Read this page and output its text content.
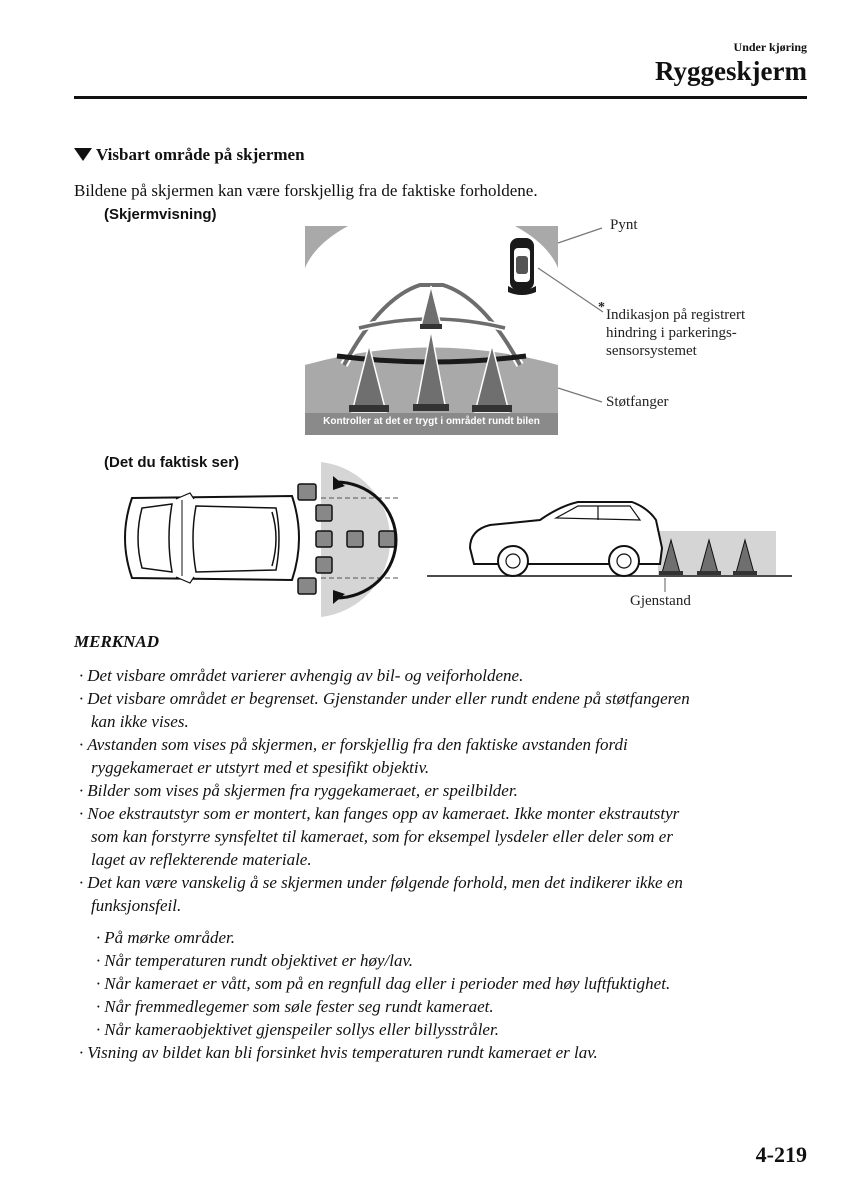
Under kjøring
Ryggeskjerm
Visbart område på skjermen
Bildene på skjermen kan være forskjellig fra de faktiske forholdene.
(Skjermvisning)
Kontroller at det er trygt i området rundt bilen
Pynt
* Indikasjon på registrert
hindring i parkerings-
sensorsystemet
Støtfanger
(Det du faktisk ser)
Gjenstand
MERKNAD
· Det visbare området varierer avhengig av bil- og veiforholdene.
· Det visbare området er begrenset. Gjenstander under eller rundt endene på støtfangeren
kan ikke vises.
· Avstanden som vises på skjermen, er forskjellig fra den faktiske avstanden fordi
ryggekameraet er utstyrt med et spesifikt objektiv.
· Bilder som vises på skjermen fra ryggekameraet, er speilbilder.
· Noe ekstrautstyr som er montert, kan fanges opp av kameraet. Ikke monter ekstrautstyr
som kan forstyrre synsfeltet til kameraet, som for eksempel lysdeler eller deler som er
laget av reflekterende materiale.
· Det kan være vanskelig å se skjermen under følgende forhold, men det indikerer ikke en
funksjonsfeil.
· På mørke områder.
· Når temperaturen rundt objektivet er høy/lav.
· Når kameraet er vått, som på en regnfull dag eller i perioder med høy luftfuktighet.
· Når fremmedlegemer som søle fester seg rundt kameraet.
· Når kameraobjektivet gjenspeiler sollys eller billysstråler.
· Visning av bildet kan bli forsinket hvis temperaturen rundt kameraet er lav.
4-219
